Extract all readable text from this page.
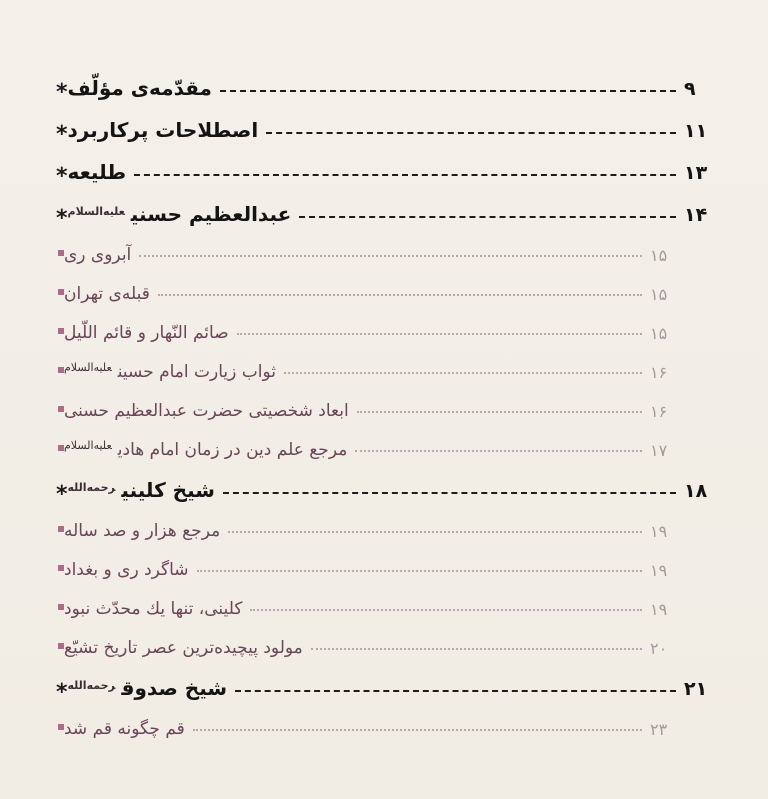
* مقدّمه‌ی مؤلّف	۹
* اصطلاحات پرکاربرد	۱۱
* طلیعه	۱۳
*	عبدالعظیم حسنی$^{علیه‌السلام}$	۱۴
آبروی ری	۱۵
قبله‌ی تهران	۱۵
صائم النّهار و قائم اللّیل	۱۵
ثواب زیارت امام حسین$^{علیه‌السلام}$	۱۶
ابعاد شخصیتی حضرت عبدالعظیم حسنی	۱۶
مرجع علم دین در زمان امام هادی$^{علیه‌السلام}$	۱۷
*	شیخ کلینی$^{رحمه‌الله}$	۱۸
مرجع هزار و صد ساله	۱۹
شاگرد ری و بغداد	۱۹
کلینی، تنها یك محدّث نبود	۱۹
مولود پیچیده‌ترین عصر تاریخ تشیّع	۲۰
*	شیخ صدوق$^{رحمه‌الله}$	۲۱
قم چگونه قم شد	۲۳
